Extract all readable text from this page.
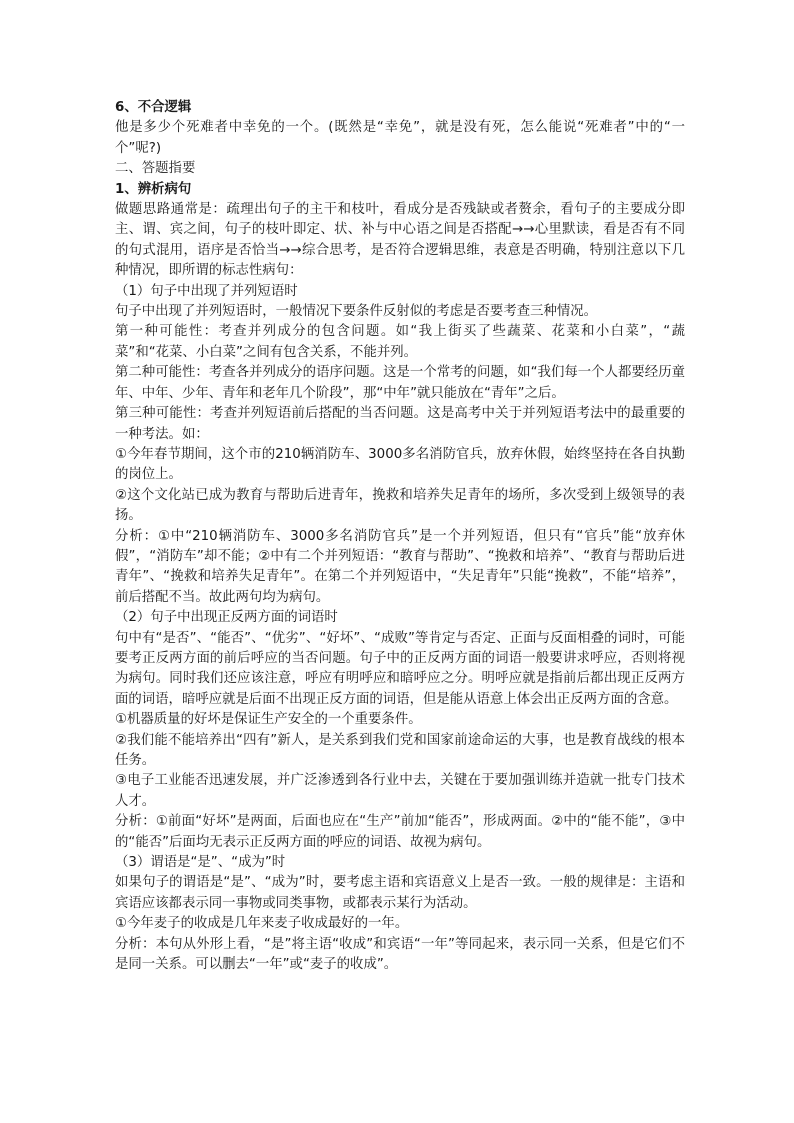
6、不合逻辑

他是多少个死难者中幸免的一个。(既然是“幸免”，就是没有死，怎么能说“死难者”中的“一个”呢?)

二、答题指要

1、辨析病句

做题思路通常是：疏理出句子的主干和枝叶，看成分是否残缺或者赘余，看句子的主要成分即主、谓、宾之间，句子的枝叶即定、状、补与中心语之间是否搭配→→心里默读，看是否有不同的句式混用，语序是否恰当→→综合思考，是否符合逻辑思维，表意是否明确，特别注意以下几种情况，即所谓的标志性病句：

（1）句子中出现了并列短语时

句子中出现了并列短语时，一般情况下要条件反射似的考虑是否要考查三种情况。

第一种可能性：考查并列成分的包含问题。如“我上街买了些蔬菜、花菜和小白菜”，“蔬菜”和“花菜、小白菜”之间有包含关系，不能并列。

第二种可能性：考查各并列成分的语序问题。这是一个常考的问题，如“我们每一个人都要经历童年、中年、少年、青年和老年几个阶段”，那“中年”就只能放在“青年”之后。

第三种可能性：考查并列短语前后搭配的当否问题。这是高考中关于并列短语考法中的最重要的一种考法。如：

①今年春节期间，这个市的210辆消防车、3000多名消防官兵，放弃休假，始终坚持在各自执勤的岗位上。

②这个文化站已成为教育与帮助后进青年，挽救和培养失足青年的场所，多次受到上级领导的表扬。

分析：①中“210辆消防车、3000多名消防官兵”是一个并列短语，但只有“官兵”能“放弃休假”，“消防车”却不能；②中有二个并列短语：“教育与帮助”、“挽救和培养”、“教育与帮助后进青年”、“挽救和培养失足青年”。在第二个并列短语中，“失足青年”只能“挽救”，不能“培养”，前后搭配不当。故此两句均为病句。

（2）句子中出现正反两方面的词语时

句中有“是否”、“能否”、“优劣”、“好坏”、“成败”等肯定与否定、正面与反面相叠的词时，可能要考正反两方面的前后呼应的当否问题。句子中的正反两方面的词语一般要讲求呼应，否则将视为病句。同时我们还应该注意，呼应有明呼应和暗呼应之分。明呼应就是指前后都出现正反两方面的词语，暗呼应就是后面不出现正反方面的词语，但是能从语意上体会出正反两方面的含意。

①机器质量的好坏是保证生产安全的一个重要条件。

②我们能不能培养出“四有”新人，是关系到我们党和国家前途命运的大事，也是教育战线的根本任务。

③电子工业能否迅速发展，并广泛渗透到各行业中去，关键在于要加强训练并造就一批专门技术人才。

分析：①前面“好坏”是两面，后面也应在“生产”前加“能否”，形成两面。②中的“能不能”，③中的“能否”后面均无表示正反两方面的呼应的词语、故视为病句。

（3）谓语是“是”、“成为”时

如果句子的谓语是“是”、“成为”时，要考虑主语和宾语意义上是否一致。一般的规律是：主语和宾语应该都表示同一事物或同类事物，或都表示某行为活动。

①今年麦子的收成是几年来麦子收成最好的一年。

分析：本句从外形上看，“是”将主语“收成”和宾语“一年”等同起来，表示同一关系，但是它们不是同一关系。可以删去“一年”或“麦子的收成”。
